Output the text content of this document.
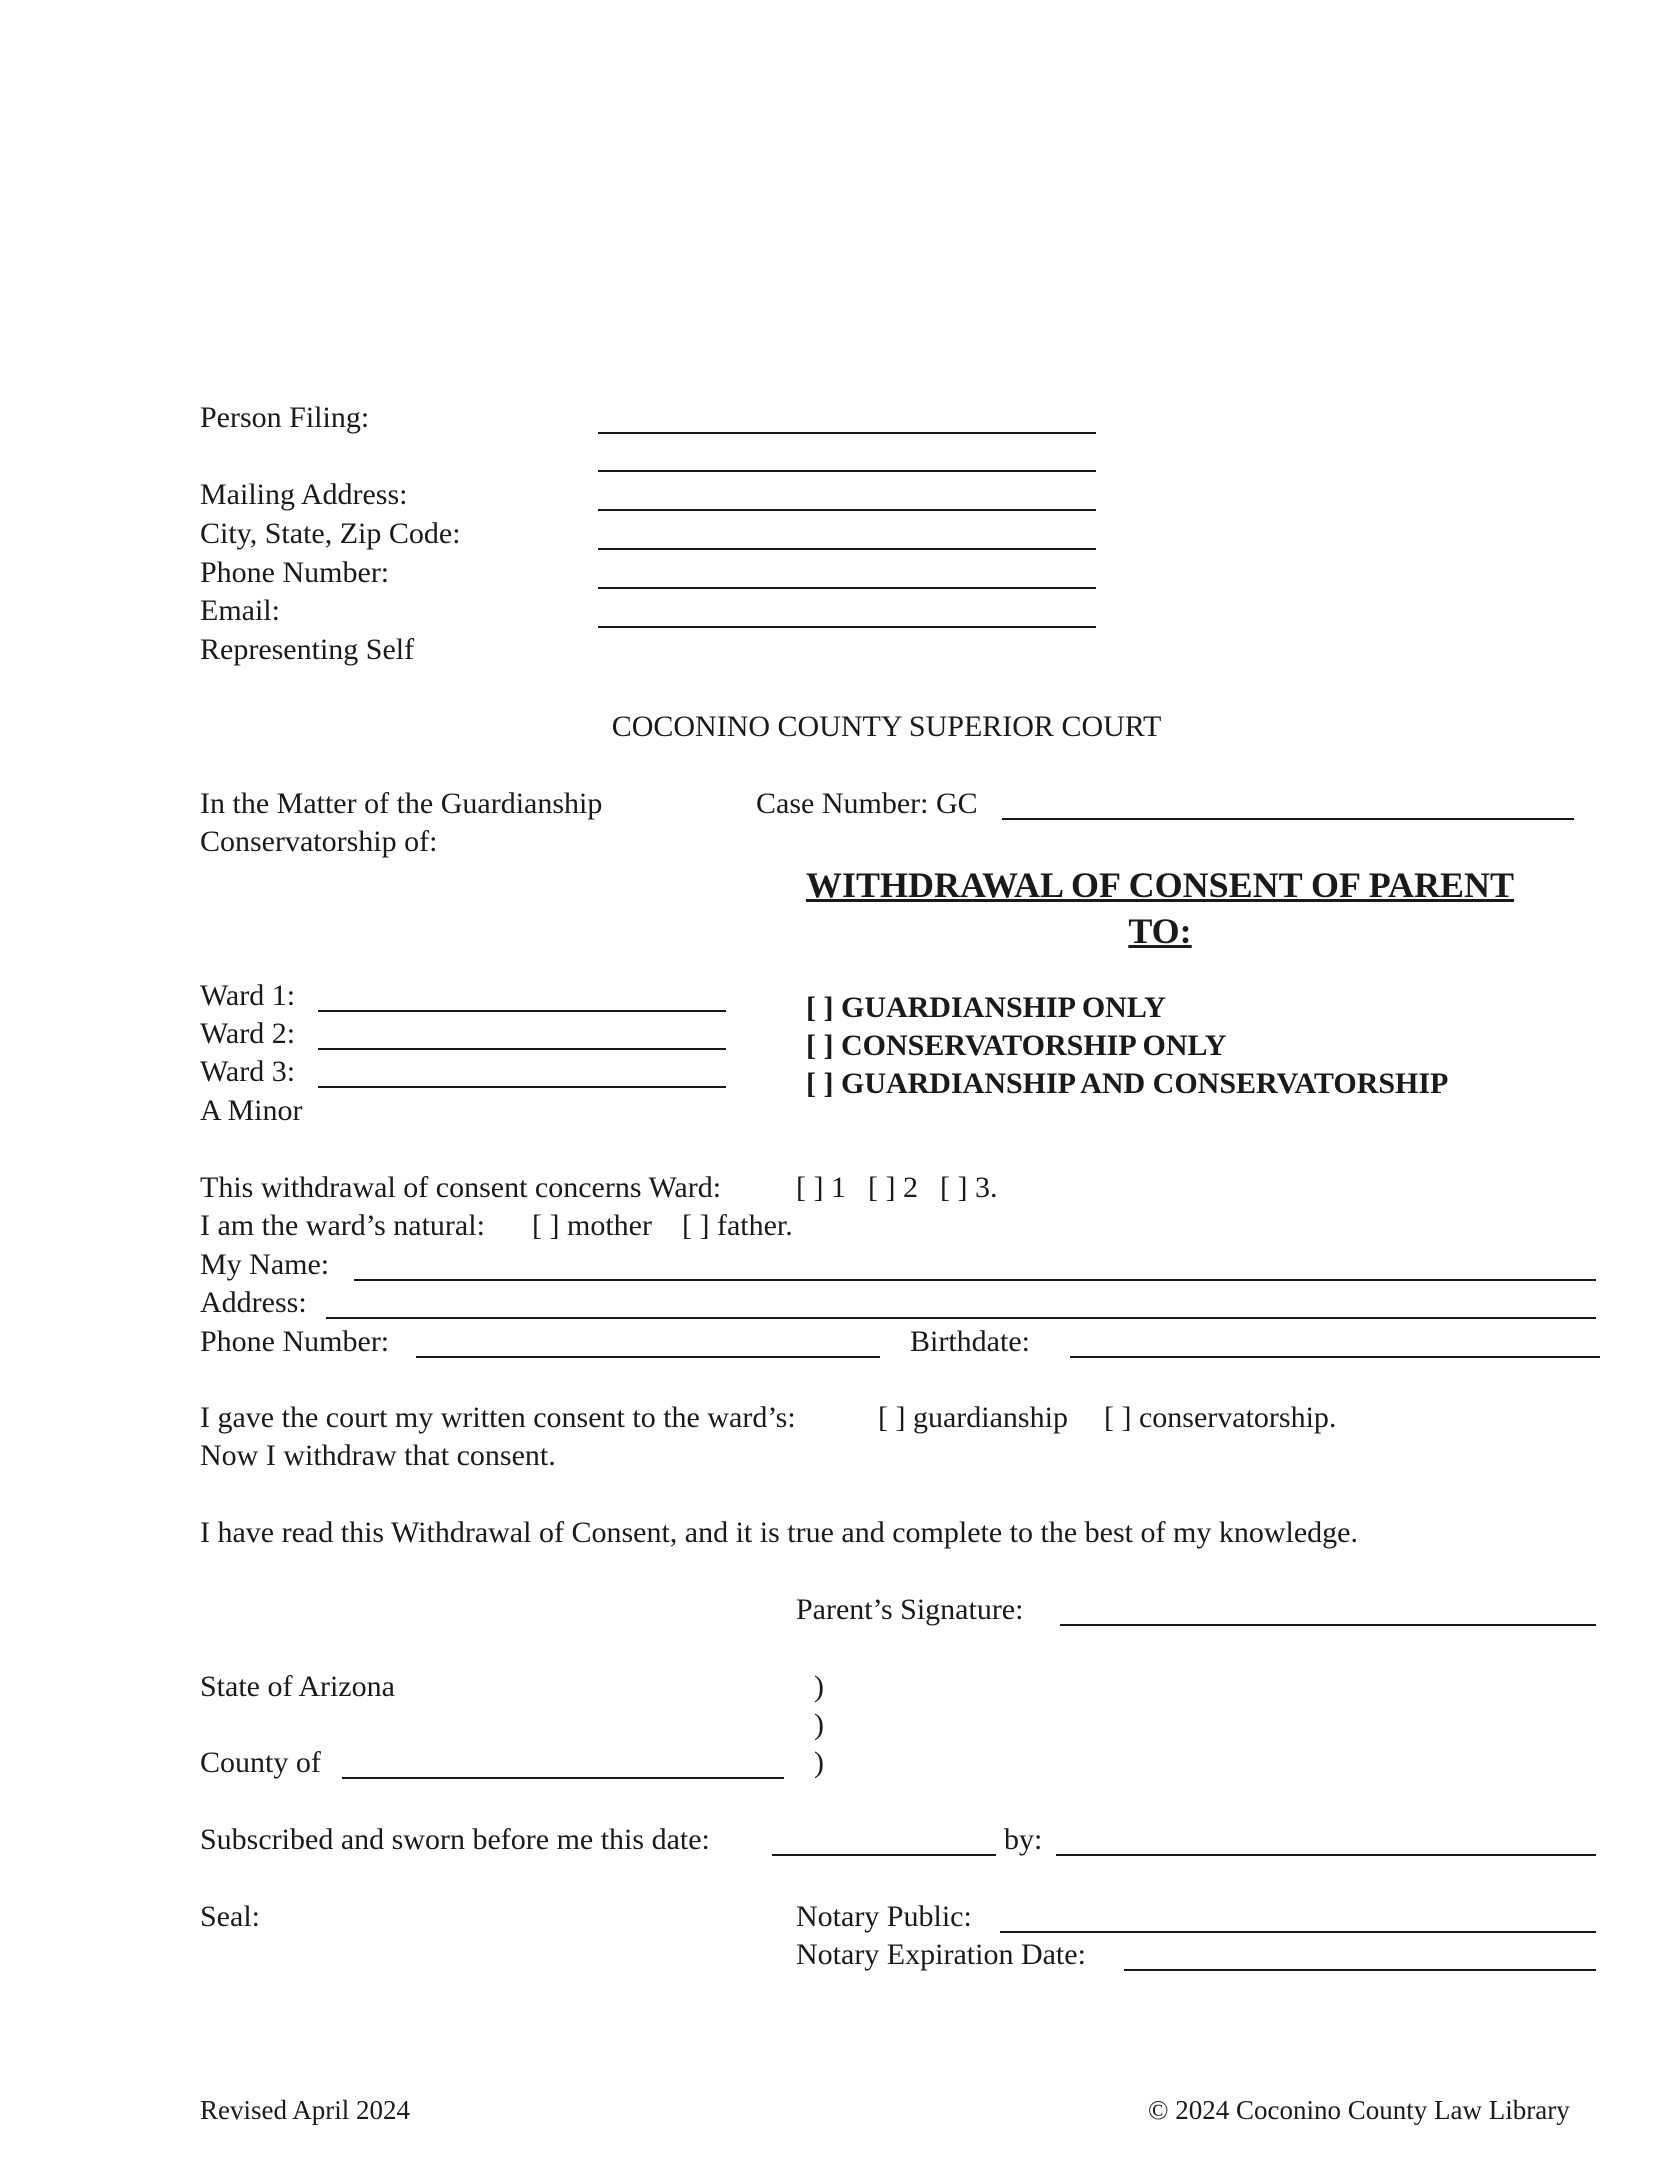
Person Filing:
Mailing Address:
City, State, Zip Code:
Phone Number:
Email:
Representing Self
COCONINO COUNTY SUPERIOR COURT
In the Matter of the Guardianship
Conservatorship of:
Case Number: GC
WITHDRAWAL OF CONSENT OF PARENT
TO:
Ward 1:
Ward 2:
Ward 3:
A Minor
[ ] GUARDIANSHIP ONLY
[ ] CONSERVATORSHIP ONLY
[ ] GUARDIANSHIP AND CONSERVATORSHIP
This withdrawal of consent concerns Ward: [ ] 1 [ ] 2 [ ] 3.
I am the ward’s natural: [ ] mother [ ] father.
My Name:
Address:
Phone Number:	Birthdate:
I gave the court my written consent to the ward’s:	[ ] guardianship [ ] conservatorship.
Now I withdraw that consent.
I have read this Withdrawal of Consent, and it is true and complete to the best of my knowledge.
Parent’s Signature:
State of Arizona	)
)
)
County of
Subscribed and sworn before me this date:	by:
Seal:	Notary Public:
Notary Expiration Date:
Revised April 2024	© 2024 Coconino County Law Library
